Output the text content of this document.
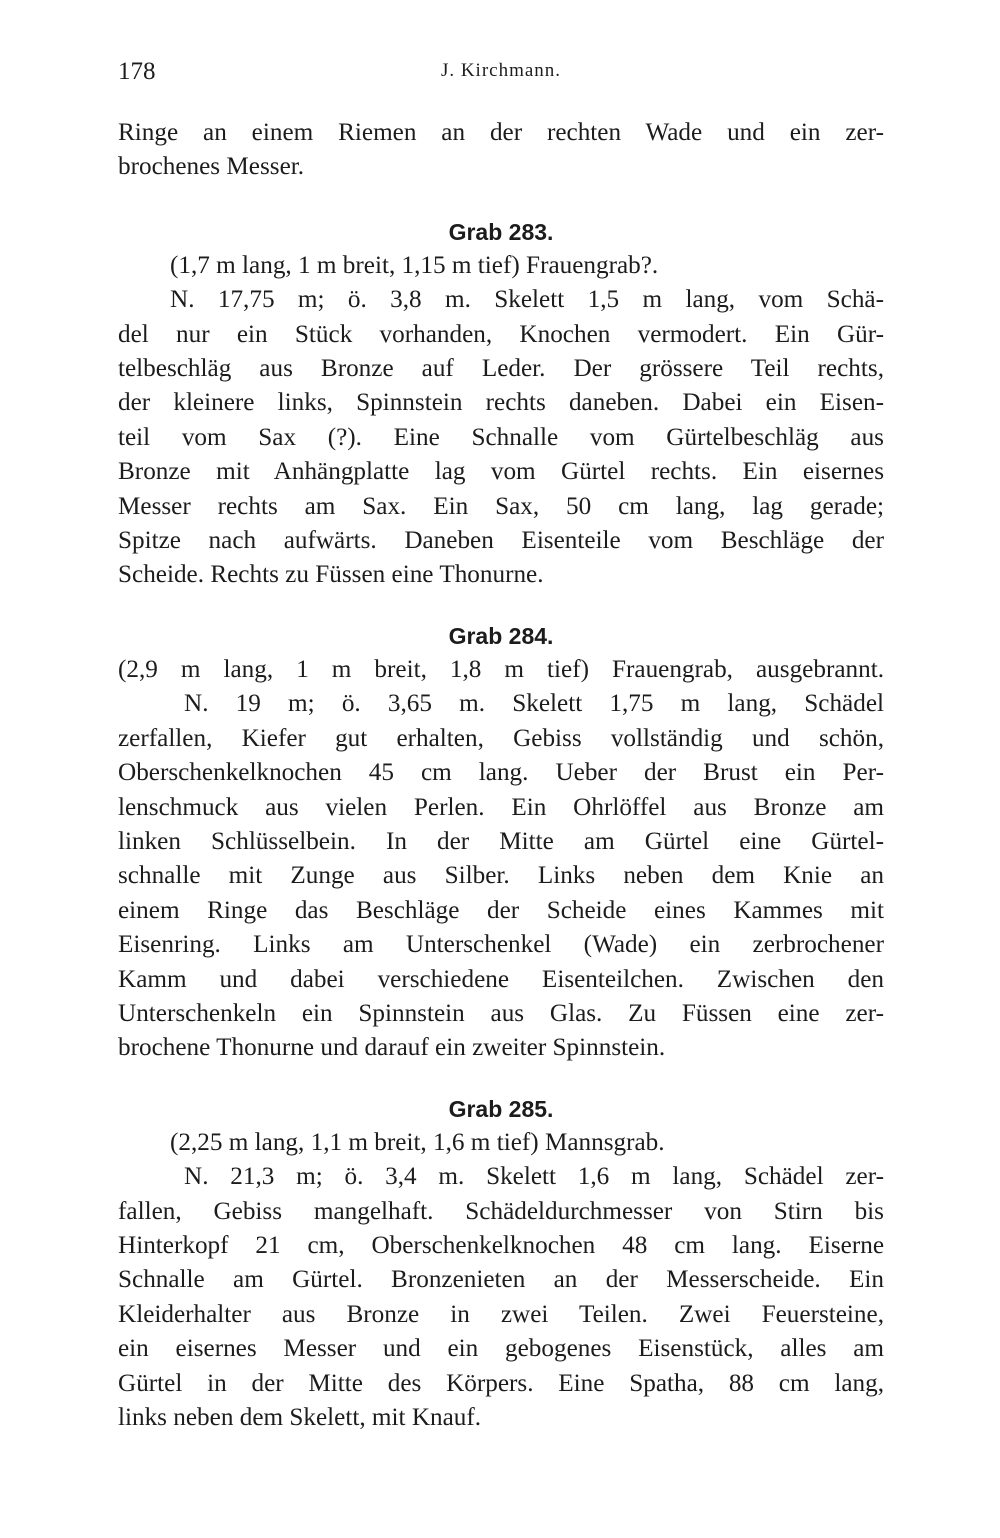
178	J. Kirchmann.

Ringe an einem Riemen an der rechten Wade und ein zer-
brochenes Messer.

Grab 283.

(1,7 m lang, 1 m breit, 1,15 m tief) Frauengrab?.
N. 17,75 m; ö. 3,8 m. Skelett 1,5 m lang, vom Schä-
del nur ein Stück vorhanden, Knochen vermodert. Ein Gür-
telbeschläg aus Bronze auf Leder. Der grössere Teil rechts,
der kleinere links, Spinnstein rechts daneben. Dabei ein Eisen-
teil vom Sax (?). Eine Schnalle vom Gürtelbeschläg aus
Bronze mit Anhängplatte lag vom Gürtel rechts. Ein eisernes
Messer rechts am Sax. Ein Sax, 50 cm lang, lag gerade;
Spitze nach aufwärts. Daneben Eisenteile vom Beschläge der
Scheide. Rechts zu Füssen eine Thonurne.

Grab 284.

(2,9 m lang, 1 m breit, 1,8 m tief) Frauengrab, ausgebrannt.
N. 19 m; ö. 3,65 m. Skelett 1,75 m lang, Schädel
zerfallen, Kiefer gut erhalten, Gebiss vollständig und schön,
Oberschenkelknochen 45 cm lang. Ueber der Brust ein Per-
lenschmuck aus vielen Perlen. Ein Ohrlöffel aus Bronze am
linken Schlüsselbein. In der Mitte am Gürtel eine Gürtel-
schnalle mit Zunge aus Silber. Links neben dem Knie an
einem Ringe das Beschläge der Scheide eines Kammes mit
Eisenring. Links am Unterschenkel (Wade) ein zerbrochener
Kamm und dabei verschiedene Eisenteilchen. Zwischen den
Unterschenkeln ein Spinnstein aus Glas. Zu Füssen eine zer-
brochene Thonurne und darauf ein zweiter Spinnstein.

Grab 285.

(2,25 m lang, 1,1 m breit, 1,6 m tief) Mannsgrab.
N. 21,3 m; ö. 3,4 m. Skelett 1,6 m lang, Schädel zer-
fallen, Gebiss mangelhaft. Schädeldurchmesser von Stirn bis
Hinterkopf 21 cm, Oberschenkelknochen 48 cm lang. Eiserne
Schnalle am Gürtel. Bronzenieten an der Messerscheide. Ein
Kleiderhalter aus Bronze in zwei Teilen. Zwei Feuersteine,
ein eisernes Messer und ein gebogenes Eisenstück, alles am
Gürtel in der Mitte des Körpers. Eine Spatha, 88 cm lang,
links neben dem Skelett, mit Knauf.
